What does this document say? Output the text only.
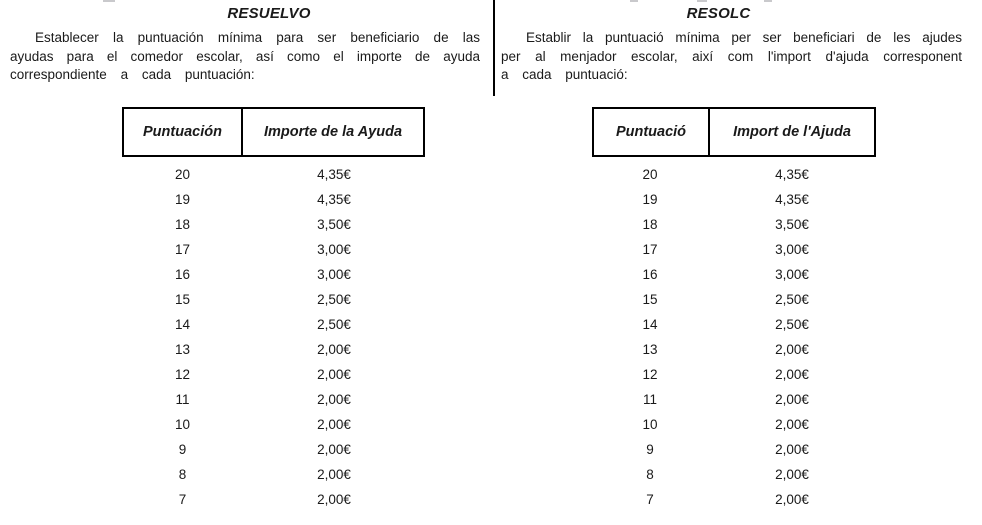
RESUELVO
Establecer la puntuación mínima para ser beneficiario de las
ayudas para el comedor escolar, así como el importe de ayuda
correspondiente a cada puntuación:
Puntuación	Importe de la Ayuda
20	4,35€
19	4,35€
18	3,50€
17	3,00€
16	3,00€
15	2,50€
14	2,50€
13	2,00€
12	2,00€
11	2,00€
10	2,00€
9	2,00€
8	2,00€
7	2,00€
RESOLC
Establir la puntuació mínima per ser beneficiari de les ajudes
per al menjador escolar, així com l'import d'ajuda corresponent
a cada puntuació:
Puntuació	Import de l'Ajuda
20	4,35€
19	4,35€
18	3,50€
17	3,00€
16	3,00€
15	2,50€
14	2,50€
13	2,00€
12	2,00€
11	2,00€
10	2,00€
9	2,00€
8	2,00€
7	2,00€
